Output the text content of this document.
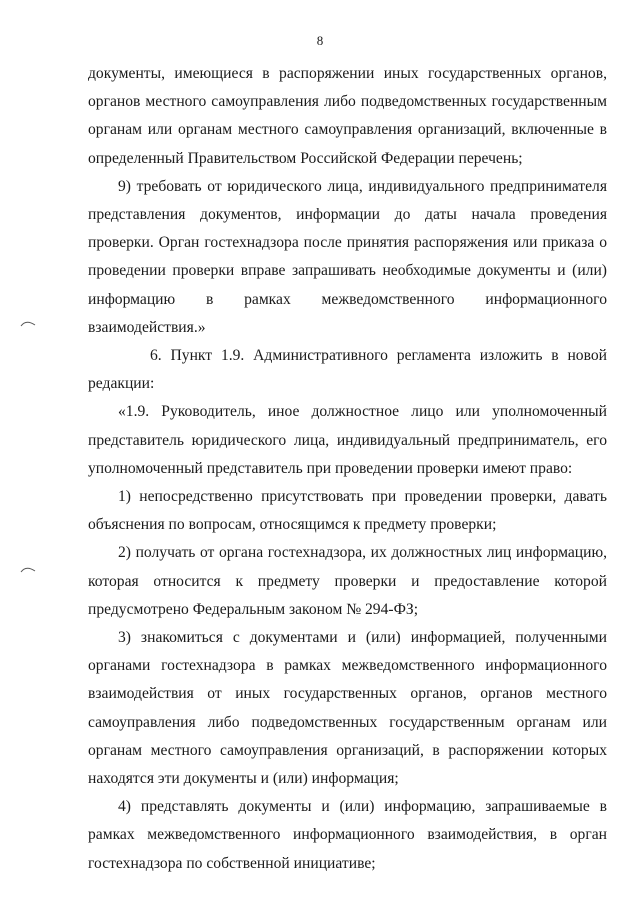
8

документы, имеющиеся в распоряжении иных государственных органов, органов местного самоуправления либо подведомственных государственным органам или органам местного самоуправления организаций, включенные в определенный Правительством Российской Федерации перечень;

9) требовать от юридического лица, индивидуального предпринимателя представления документов, информации до даты начала проведения проверки. Орган гостехнадзора после принятия распоряжения или приказа о проведении проверки вправе запрашивать необходимые документы и (или) информацию в рамках межведомственного информационного взаимодействия.»

6. Пункт 1.9. Административного регламента изложить в новой редакции:

«1.9. Руководитель, иное должностное лицо или уполномоченный представитель юридического лица, индивидуальный предприниматель, его уполномоченный представитель при проведении проверки имеют право:

1) непосредственно присутствовать при проведении проверки, давать объяснения по вопросам, относящимся к предмету проверки;

2) получать от органа гостехнадзора, их должностных лиц информацию, которая относится к предмету проверки и предоставление которой предусмотрено Федеральным законом № 294-ФЗ;

3) знакомиться с документами и (или) информацией, полученными органами гостехнадзора в рамках межведомственного информационного взаимодействия от иных государственных органов, органов местного самоуправления либо подведомственных государственным органам или органам местного самоуправления организаций, в распоряжении которых находятся эти документы и (или) информация;

4) представлять документы и (или) информацию, запрашиваемые в рамках межведомственного информационного взаимодействия, в орган гостехнадзора по собственной инициативе;
